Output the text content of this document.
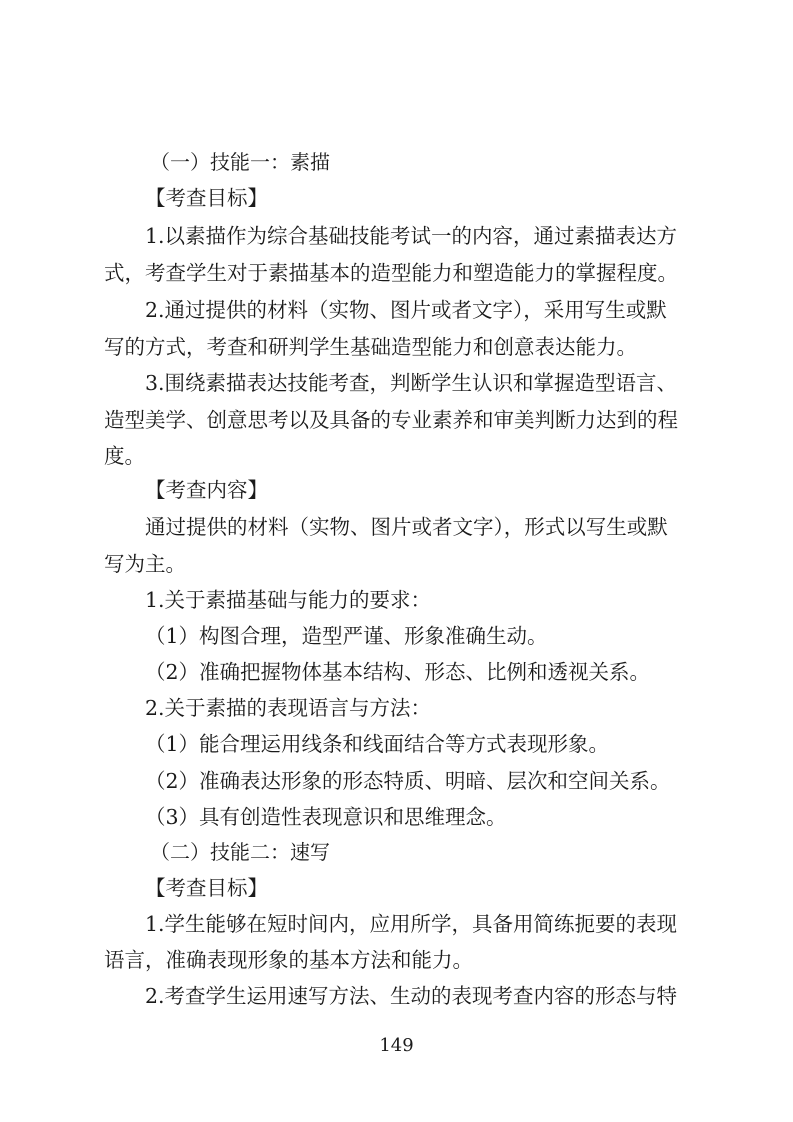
（一）技能一：素描
【考查目标】
1.以素描作为综合基础技能考试一的内容，通过素描表达方
式，考查学生对于素描基本的造型能力和塑造能力的掌握程度。
2.通过提供的材料（实物、图片或者文字），采用写生或默
写的方式，考查和研判学生基础造型能力和创意表达能力。
3.围绕素描表达技能考查，判断学生认识和掌握造型语言、
造型美学、创意思考以及具备的专业素养和审美判断力达到的程
度。
【考查内容】
通过提供的材料（实物、图片或者文字），形式以写生或默
写为主。
1.关于素描基础与能力的要求：
（1）构图合理，造型严谨、形象准确生动。
（2）准确把握物体基本结构、形态、比例和透视关系。
2.关于素描的表现语言与方法：
（1）能合理运用线条和线面结合等方式表现形象。
（2）准确表达形象的形态特质、明暗、层次和空间关系。
（3）具有创造性表现意识和思维理念。
（二）技能二：速写
【考查目标】
1.学生能够在短时间内，应用所学，具备用简练扼要的表现
语言，准确表现形象的基本方法和能力。
2.考查学生运用速写方法、生动的表现考查内容的形态与特
149
